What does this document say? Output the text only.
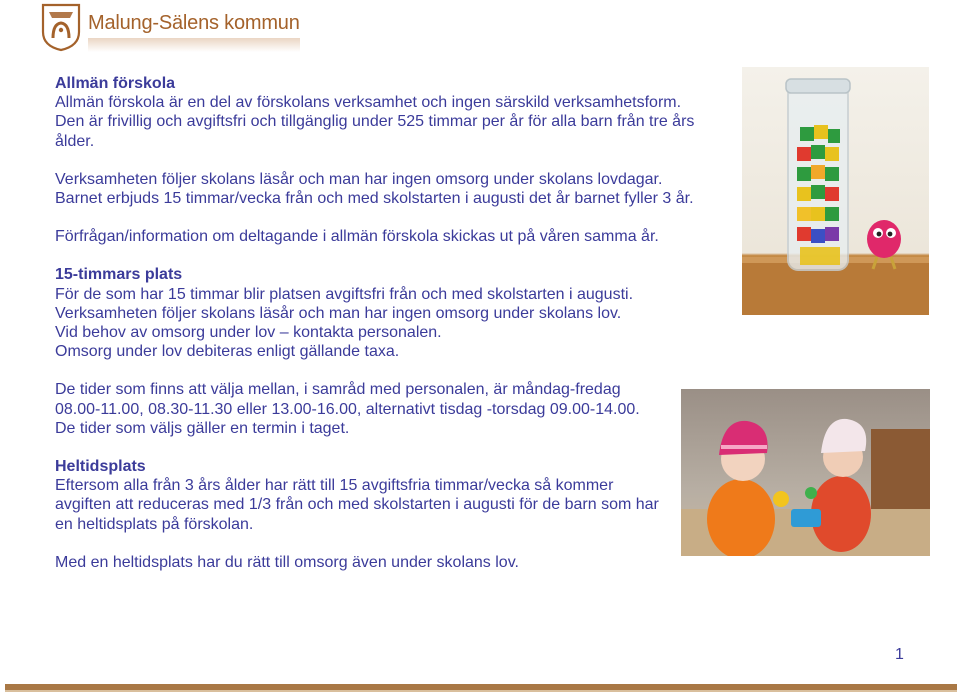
Malung-Sälens kommun

Allmän förskola

Allmän förskola är en del av förskolans verksamhet och ingen särskild verksamhetsform.

Den är frivillig och avgiftsfri och tillgänglig under 525 timmar per år för alla barn från tre års ålder.

Verksamheten följer skolans läsår och man har ingen omsorg under skolans lovdagar.

Barnet erbjuds 15 timmar/vecka från och med skolstarten i augusti det år barnet fyller 3 år.

Förfrågan/information om deltagande i allmän förskola skickas ut på våren samma år.

15-timmars plats

För de som har 15 timmar blir platsen avgiftsfri från och med skolstarten i augusti.

Verksamheten följer skolans läsår och man har ingen omsorg under skolans lov.

Vid behov av omsorg under lov – kontakta personalen.

Omsorg under lov debiteras enligt gällande taxa.

De tider som finns att välja mellan, i samråd med personalen, är måndag-fredag

08.00-11.00, 08.30-11.30 eller 13.00-16.00, alternativt tisdag -torsdag 09.00-14.00.

De tider som väljs gäller en termin i taget.

Heltidsplats

Eftersom alla från 3 års ålder har rätt till 15 avgiftsfria timmar/vecka så kommer

avgiften att reduceras med 1/3 från och med skolstarten i augusti för de barn som har

en heltidsplats på förskolan.

Med en heltidsplats har du rätt till omsorg även under skolans lov.

1
